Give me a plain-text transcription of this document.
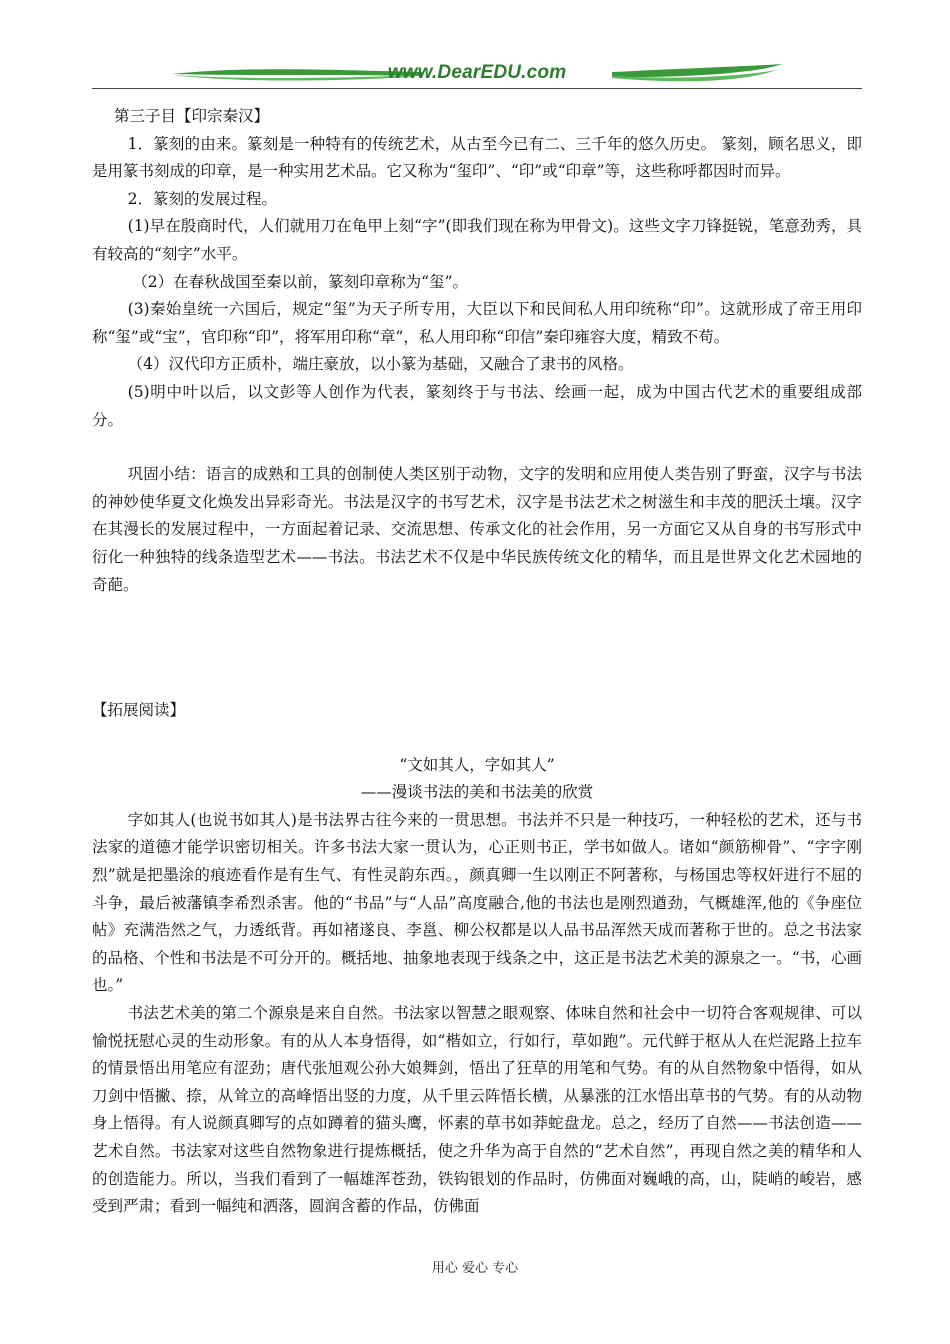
www.DearEDU.com

第三子目【印宗秦汉】

1．篆刻的由来。篆刻是一种特有的传统艺术，从古至今已有二、三千年的悠久历史。 篆刻，顾名思义，即是用篆书刻成的印章，是一种实用艺术品。它又称为“玺印”、“印”或“印章”等，这些称呼都因时而异。

2．篆刻的发展过程。

(1)早在殷商时代，人们就用刀在龟甲上刻“字”(即我们现在称为甲骨文)。这些文字刀锋挺锐，笔意劲秀，具有较高的“刻字”水平。

（2）在春秋战国至秦以前，篆刻印章称为“玺”。

(3)秦始皇统一六国后，规定“玺”为天子所专用，大臣以下和民间私人用印统称“印”。这就形成了帝王用印称“玺”或“宝”，官印称“印”，将军用印称“章”，私人用印称“印信”秦印雍容大度，精致不苟。

（4）汉代印方正质朴，端庄豪放，以小篆为基础，又融合了隶书的风格。

(5)明中叶以后，以文彭等人创作为代表，篆刻终于与书法、绘画一起，成为中国古代艺术的重要组成部分。

巩固小结：语言的成熟和工具的创制使人类区别于动物，文字的发明和应用使人类告别了野蛮，汉字与书法的神妙使华夏文化焕发出异彩奇光。书法是汉字的书写艺术，汉字是书法艺术之树滋生和丰茂的肥沃土壤。汉字在其漫长的发展过程中，一方面起着记录、交流思想、传承文化的社会作用，另一方面它又从自身的书写形式中衍化一种独特的线条造型艺术——书法。书法艺术不仅是中华民族传统文化的精华，而且是世界文化艺术园地的奇葩。

【拓展阅读】

“文如其人，字如其人”

——漫谈书法的美和书法美的欣赏

字如其人(也说书如其人)是书法界古往今来的一贯思想。书法并不只是一种技巧，一种轻松的艺术，还与书法家的道德才能学识密切相关。许多书法大家一贯认为，心正则书正，学书如做人。诸如“颜筋柳骨”、“字字刚烈”就是把墨涂的痕迹看作是有生气、有性灵韵东西。，颜真卿一生以刚正不阿著称，与杨国忠等权奸进行不屈的斗争，最后被藩镇李希烈杀害。他的“书品”与“人品”高度融合,他的书法也是刚烈遒劲，气概雄浑,他的《争座位帖》充满浩然之气，力透纸背。再如褚遂良、李邕、柳公权都是以人品书品浑然天成而著称于世的。总之书法家的品格、个性和书法是不可分开的。概括地、抽象地表现于线条之中，这正是书法艺术美的源泉之一。“书，心画也。”

书法艺术美的第二个源泉是来自自然。书法家以智慧之眼观察、体味自然和社会中一切符合客观规律、可以愉悦抚慰心灵的生动形象。有的从人本身悟得，如“楷如立，行如行，草如跑”。元代鲜于枢从人在烂泥路上拉车的情景悟出用笔应有涩劲；唐代张旭观公孙大娘舞剑，悟出了狂草的用笔和气势。有的从自然物象中悟得，如从刀剑中悟撇、捺，从耸立的高峰悟出竖的力度，从千里云阵悟长横，从暴涨的江水悟出草书的气势。有的从动物身上悟得。有人说颜真卿写的点如蹲着的猫头鹰，怀素的草书如莽蛇盘龙。总之，经历了自然——书法创造——艺术自然。书法家对这些自然物象进行提炼概括，使之升华为高于自然的“艺术自然”，再现自然之美的精华和人的创造能力。所以，当我们看到了一幅雄浑苍劲，铁钩银划的作品时，仿佛面对巍峨的高，山，陡峭的峻岩，感受到严肃；看到一幅纯和洒落，圆润含蓄的作品，仿佛面

用心 爱心 专心
